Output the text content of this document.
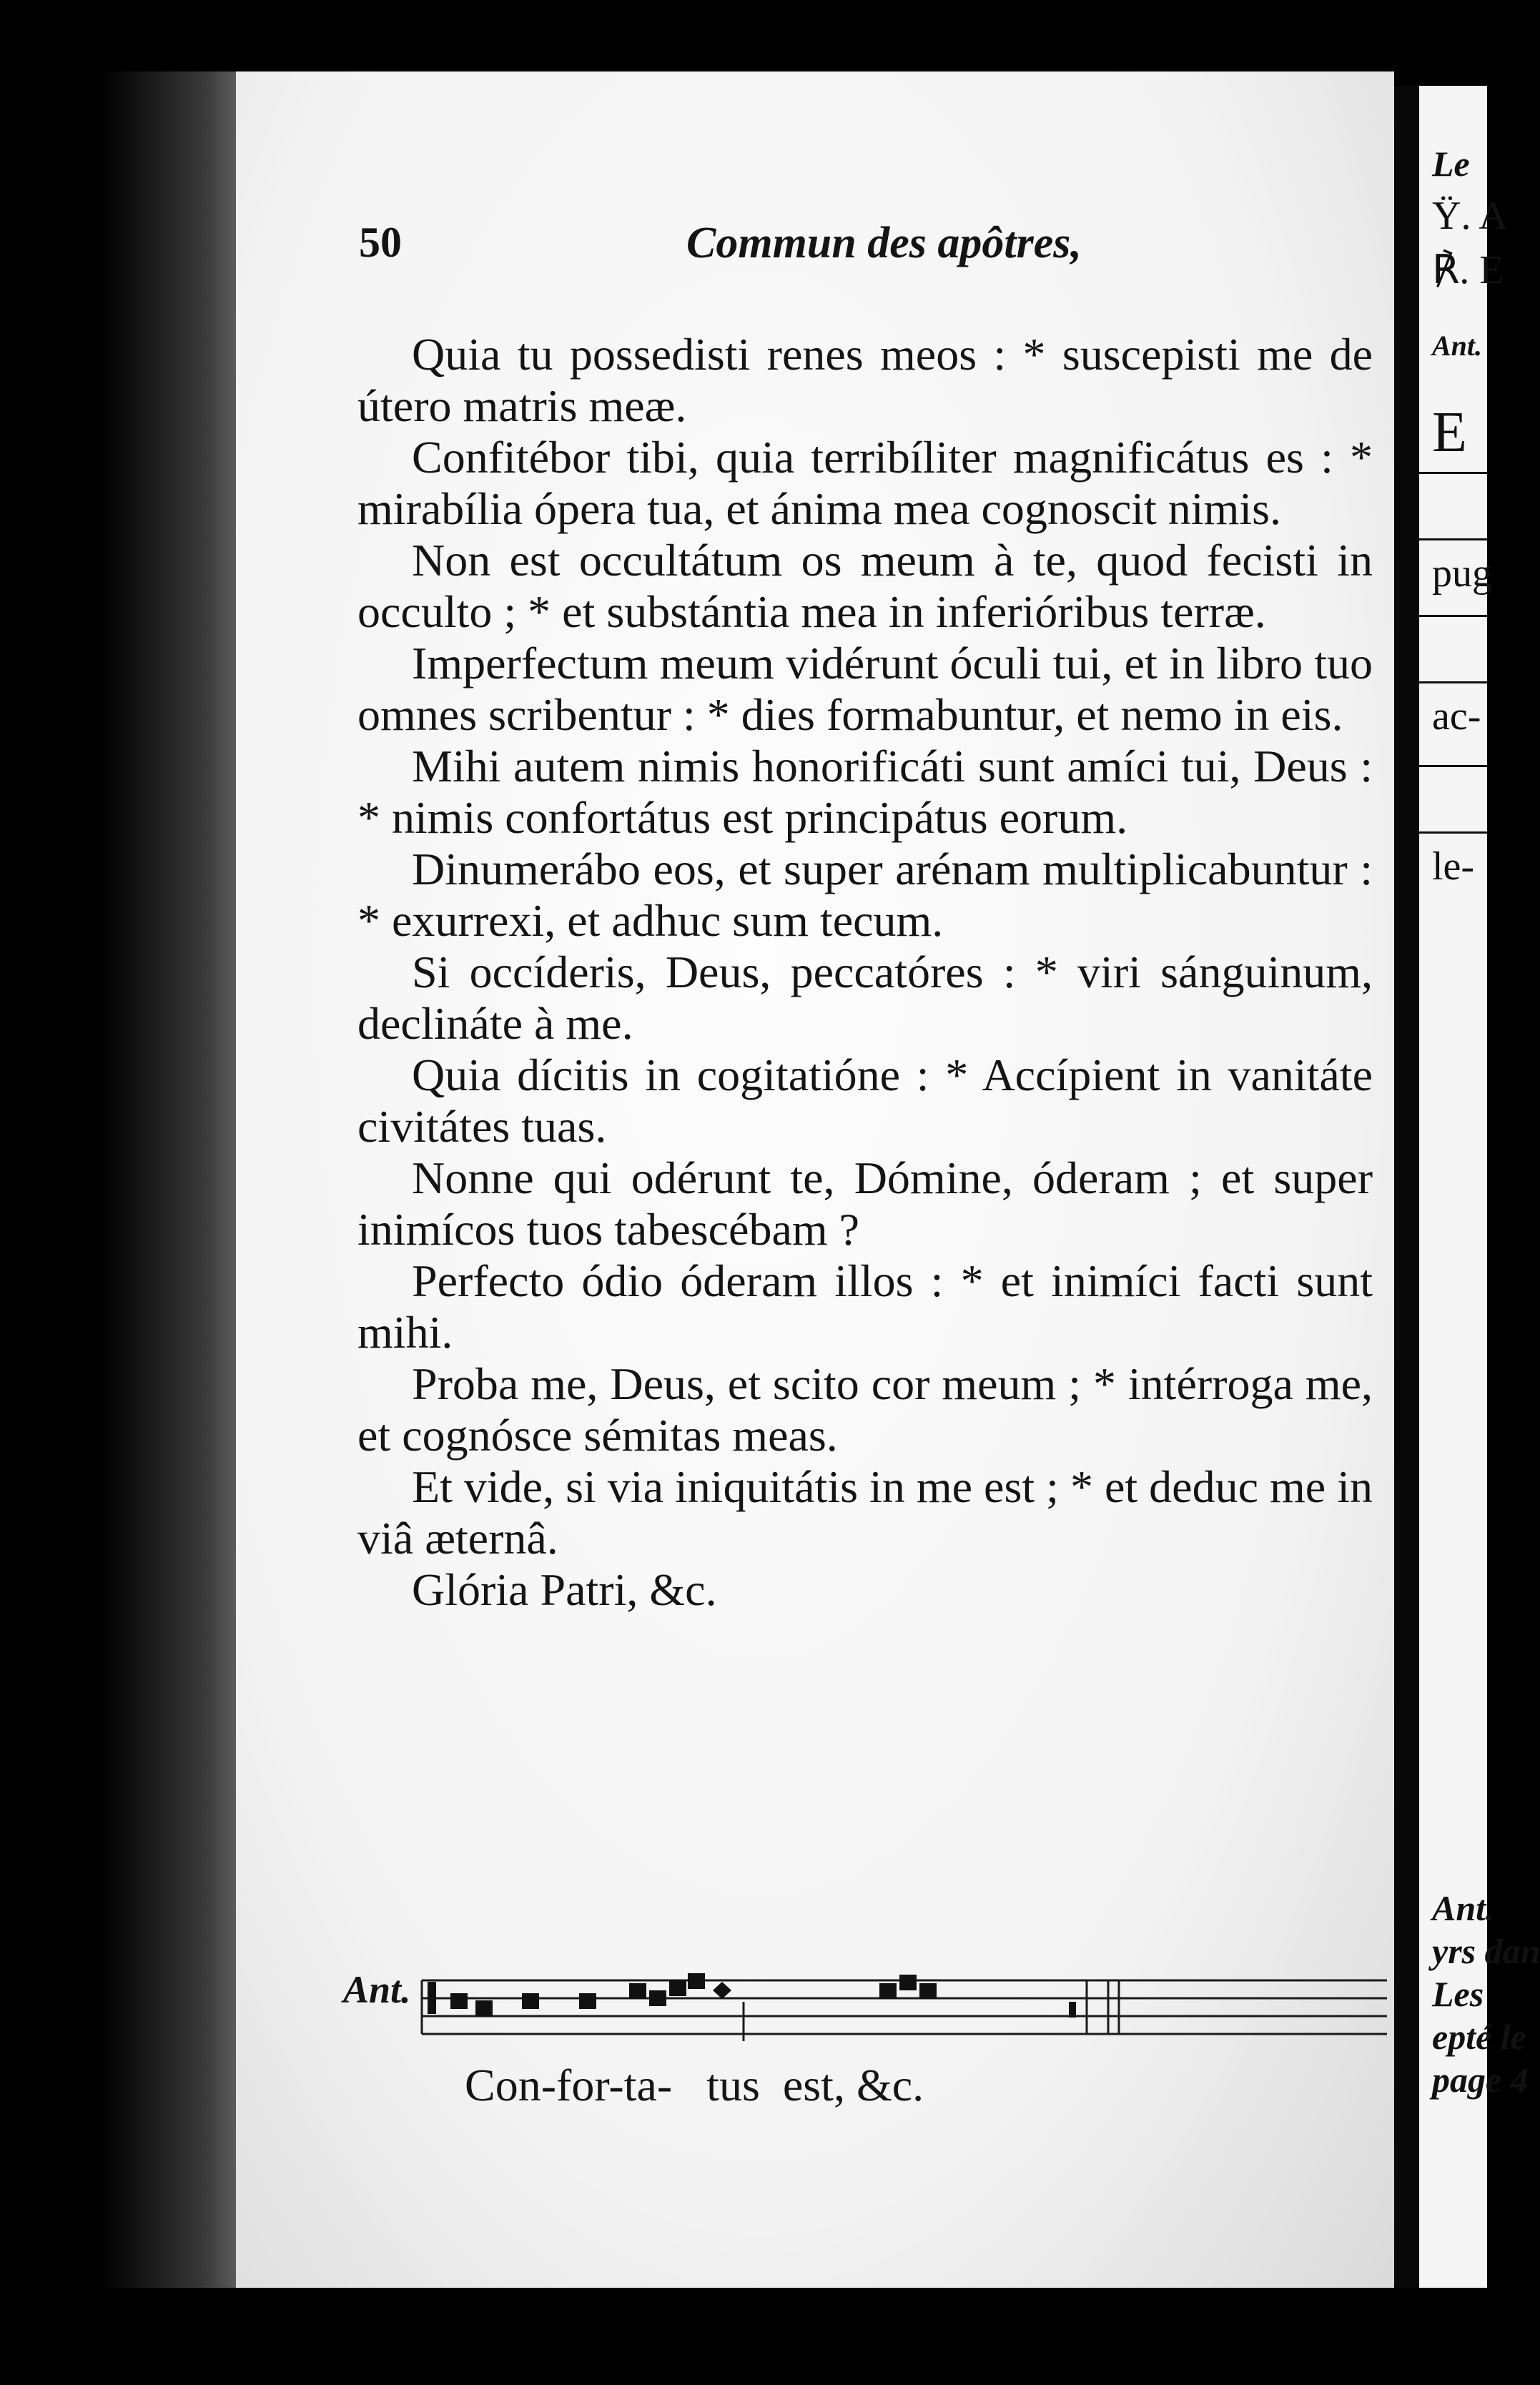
50	Commun des apôtres,

Quia tu possedisti renes meos : * suscepisti me de útero matris meæ.

Confitébor tibi, quia terribíliter magnificátus es : * mirabília ópera tua, et ánima mea cognoscit nimis.

Non est occultátum os meum à te, quod fecisti in occulto ; * et substántia mea in inferióribus terræ.

Imperfectum meum vidérunt óculi tui, et in libro tuo omnes scribentur : * dies formabuntur, et nemo in eis.

Mihi autem nimis honorificáti sunt amíci tui, Deus : * nimis confortátus est principátus eorum.

Dinumerábo eos, et super arénam multiplicabuntur : * exurrexi, et adhuc sum tecum.

Si occíderis, Deus, peccatóres : * viri sánguinum, declináte à me.

Quia dícitis in cogitatióne : * Accípient in vanitáte civitátes tuas.

Nonne qui odérunt te, Dómine, óderam ; et super inimícos tuos tabescébam ?

Perfecto ódio óderam illos : * et inimíci facti sunt mihi.

Proba me, Deus, et scito cor meum ; * intérroga me, et cognósce sémitas meas.

Et vide, si via iniquitátis in me est ; * et deduc me in viâ æternâ.

Glória Patri, &c.

Ant.
Con-for-ta-   tus  est, &c.
Le
Ÿ. A
℟. E
Ant.
E
pug
ac-
le-
Ant.
yrs dan
Les
epté le
page 4
